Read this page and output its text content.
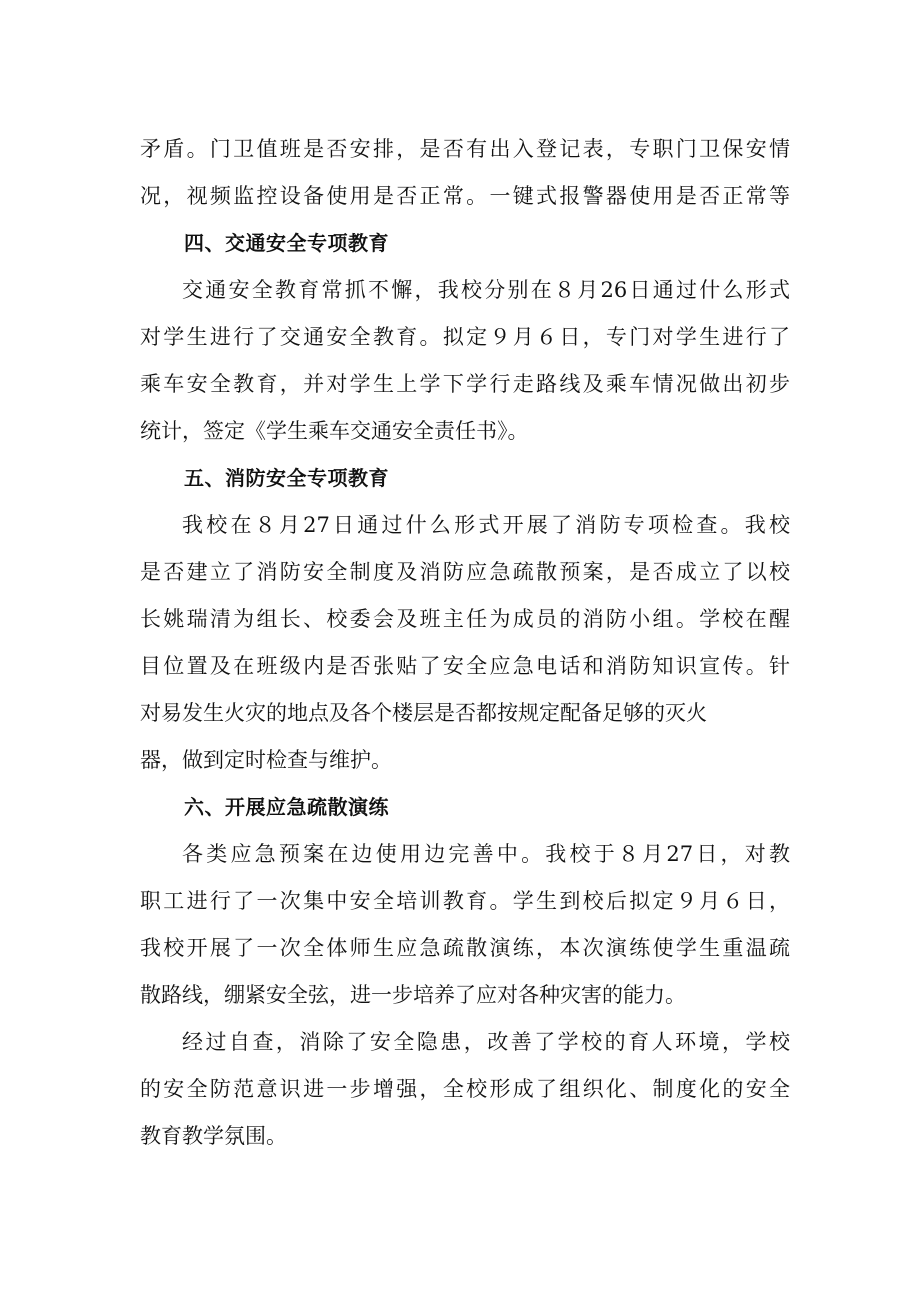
矛盾。门卫值班是否安排，是否有出入登记表，专职门卫保安情
况，视频监控设备使用是否正常。一键式报警器使用是否正常等
四、交通安全专项教育
交通安全教育常抓不懈，我校分别在８月26日通过什么形式
对学生进行了交通安全教育。拟定９月６日，专门对学生进行了
乘车安全教育，并对学生上学下学行走路线及乘车情况做出初步
统计，签定《学生乘车交通安全责任书》。
五、消防安全专项教育
我校在８月27日通过什么形式开展了消防专项检查。我校
是否建立了消防安全制度及消防应急疏散预案，是否成立了以校
长姚瑞清为组长、校委会及班主任为成员的消防小组。学校在醒
目位置及在班级内是否张贴了安全应急电话和消防知识宣传。针
对易发生火灾的地点及各个楼层是否都按规定配备足够的灭火
器，做到定时检查与维护。
六、开展应急疏散演练
各类应急预案在边使用边完善中。我校于８月27日，对教
职工进行了一次集中安全培训教育。学生到校后拟定９月６日，
我校开展了一次全体师生应急疏散演练，本次演练使学生重温疏
散路线，绷紧安全弦，进一步培养了应对各种灾害的能力。
经过自查，消除了安全隐患，改善了学校的育人环境，学校
的安全防范意识进一步增强，全校形成了组织化、制度化的安全
教育教学氛围。
